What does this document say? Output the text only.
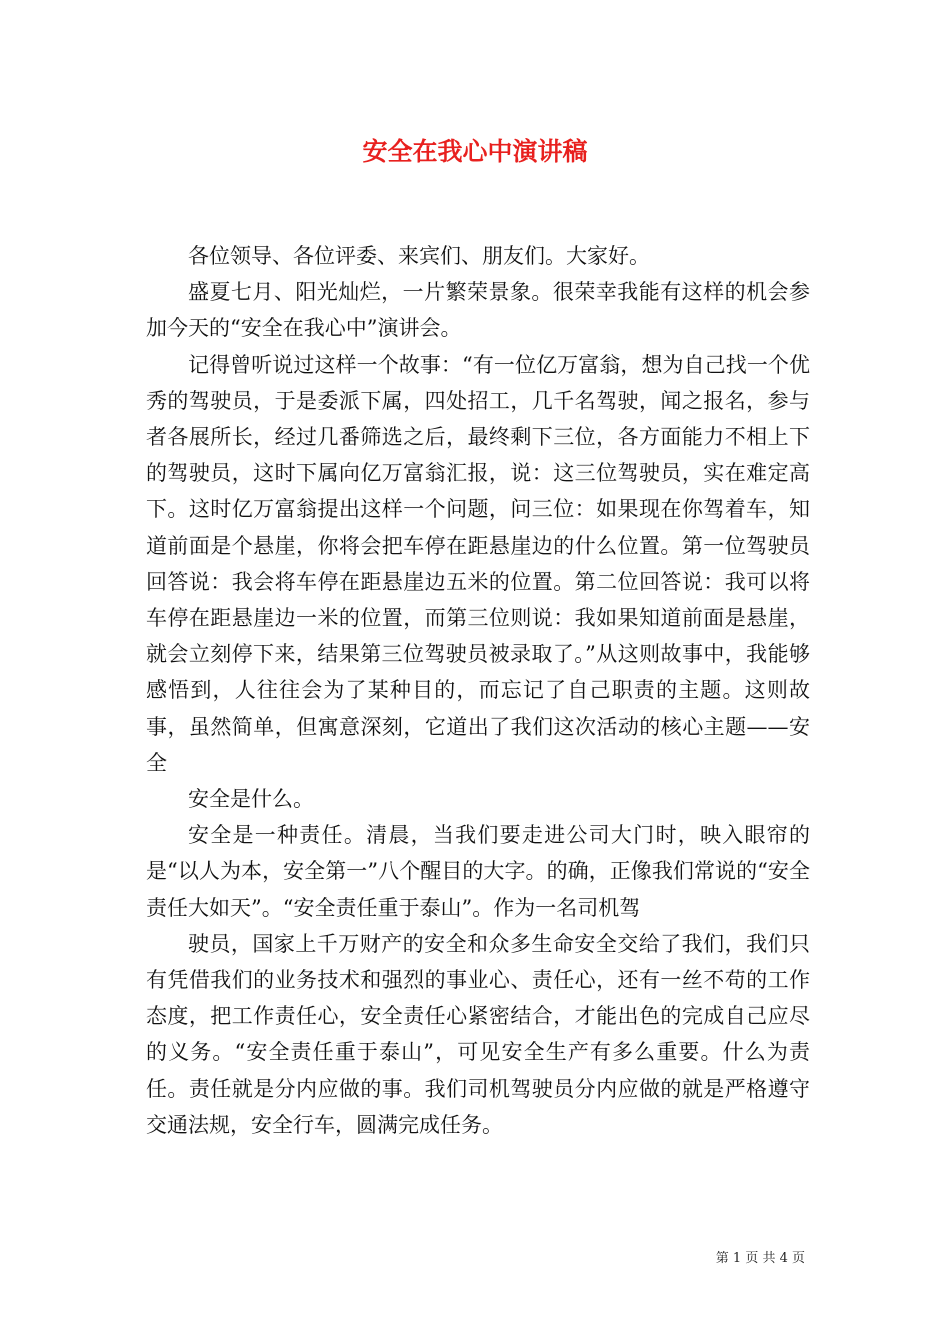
安全在我心中演讲稿

各位领导、各位评委、来宾们、朋友们。大家好。

盛夏七月、阳光灿烂，一片繁荣景象。很荣幸我能有这样的机会参加今天的“安全在我心中”演讲会。

记得曾听说过这样一个故事：“有一位亿万富翁，想为自己找一个优秀的驾驶员，于是委派下属，四处招工，几千名驾驶，闻之报名，参与者各展所长，经过几番筛选之后，最终剩下三位，各方面能力不相上下的驾驶员，这时下属向亿万富翁汇报，说：这三位驾驶员，实在难定高下。这时亿万富翁提出这样一个问题，问三位：如果现在你驾着车，知道前面是个悬崖，你将会把车停在距悬崖边的什么位置。第一位驾驶员回答说：我会将车停在距悬崖边五米的位置。第二位回答说：我可以将车停在距悬崖边一米的位置，而第三位则说：我如果知道前面是悬崖，就会立刻停下来，结果第三位驾驶员被录取了。”从这则故事中，我能够感悟到，人往往会为了某种目的，而忘记了自己职责的主题。这则故事，虽然简单，但寓意深刻，它道出了我们这次活动的核心主题——安全

安全是什么。

安全是一种责任。清晨，当我们要走进公司大门时，映入眼帘的是“以人为本，安全第一”八个醒目的大字。的确，正像我们常说的“安全责任大如天”。“安全责任重于泰山”。作为一名司机驾

驶员，国家上千万财产的安全和众多生命安全交给了我们，我们只有凭借我们的业务技术和强烈的事业心、责任心，还有一丝不苟的工作态度，把工作责任心，安全责任心紧密结合，才能出色的完成自己应尽的义务。“安全责任重于泰山”，可见安全生产有多么重要。什么为责任。责任就是分内应做的事。我们司机驾驶员分内应做的就是严格遵守交通法规，安全行车，圆满完成任务。

第 1 页 共 4 页
